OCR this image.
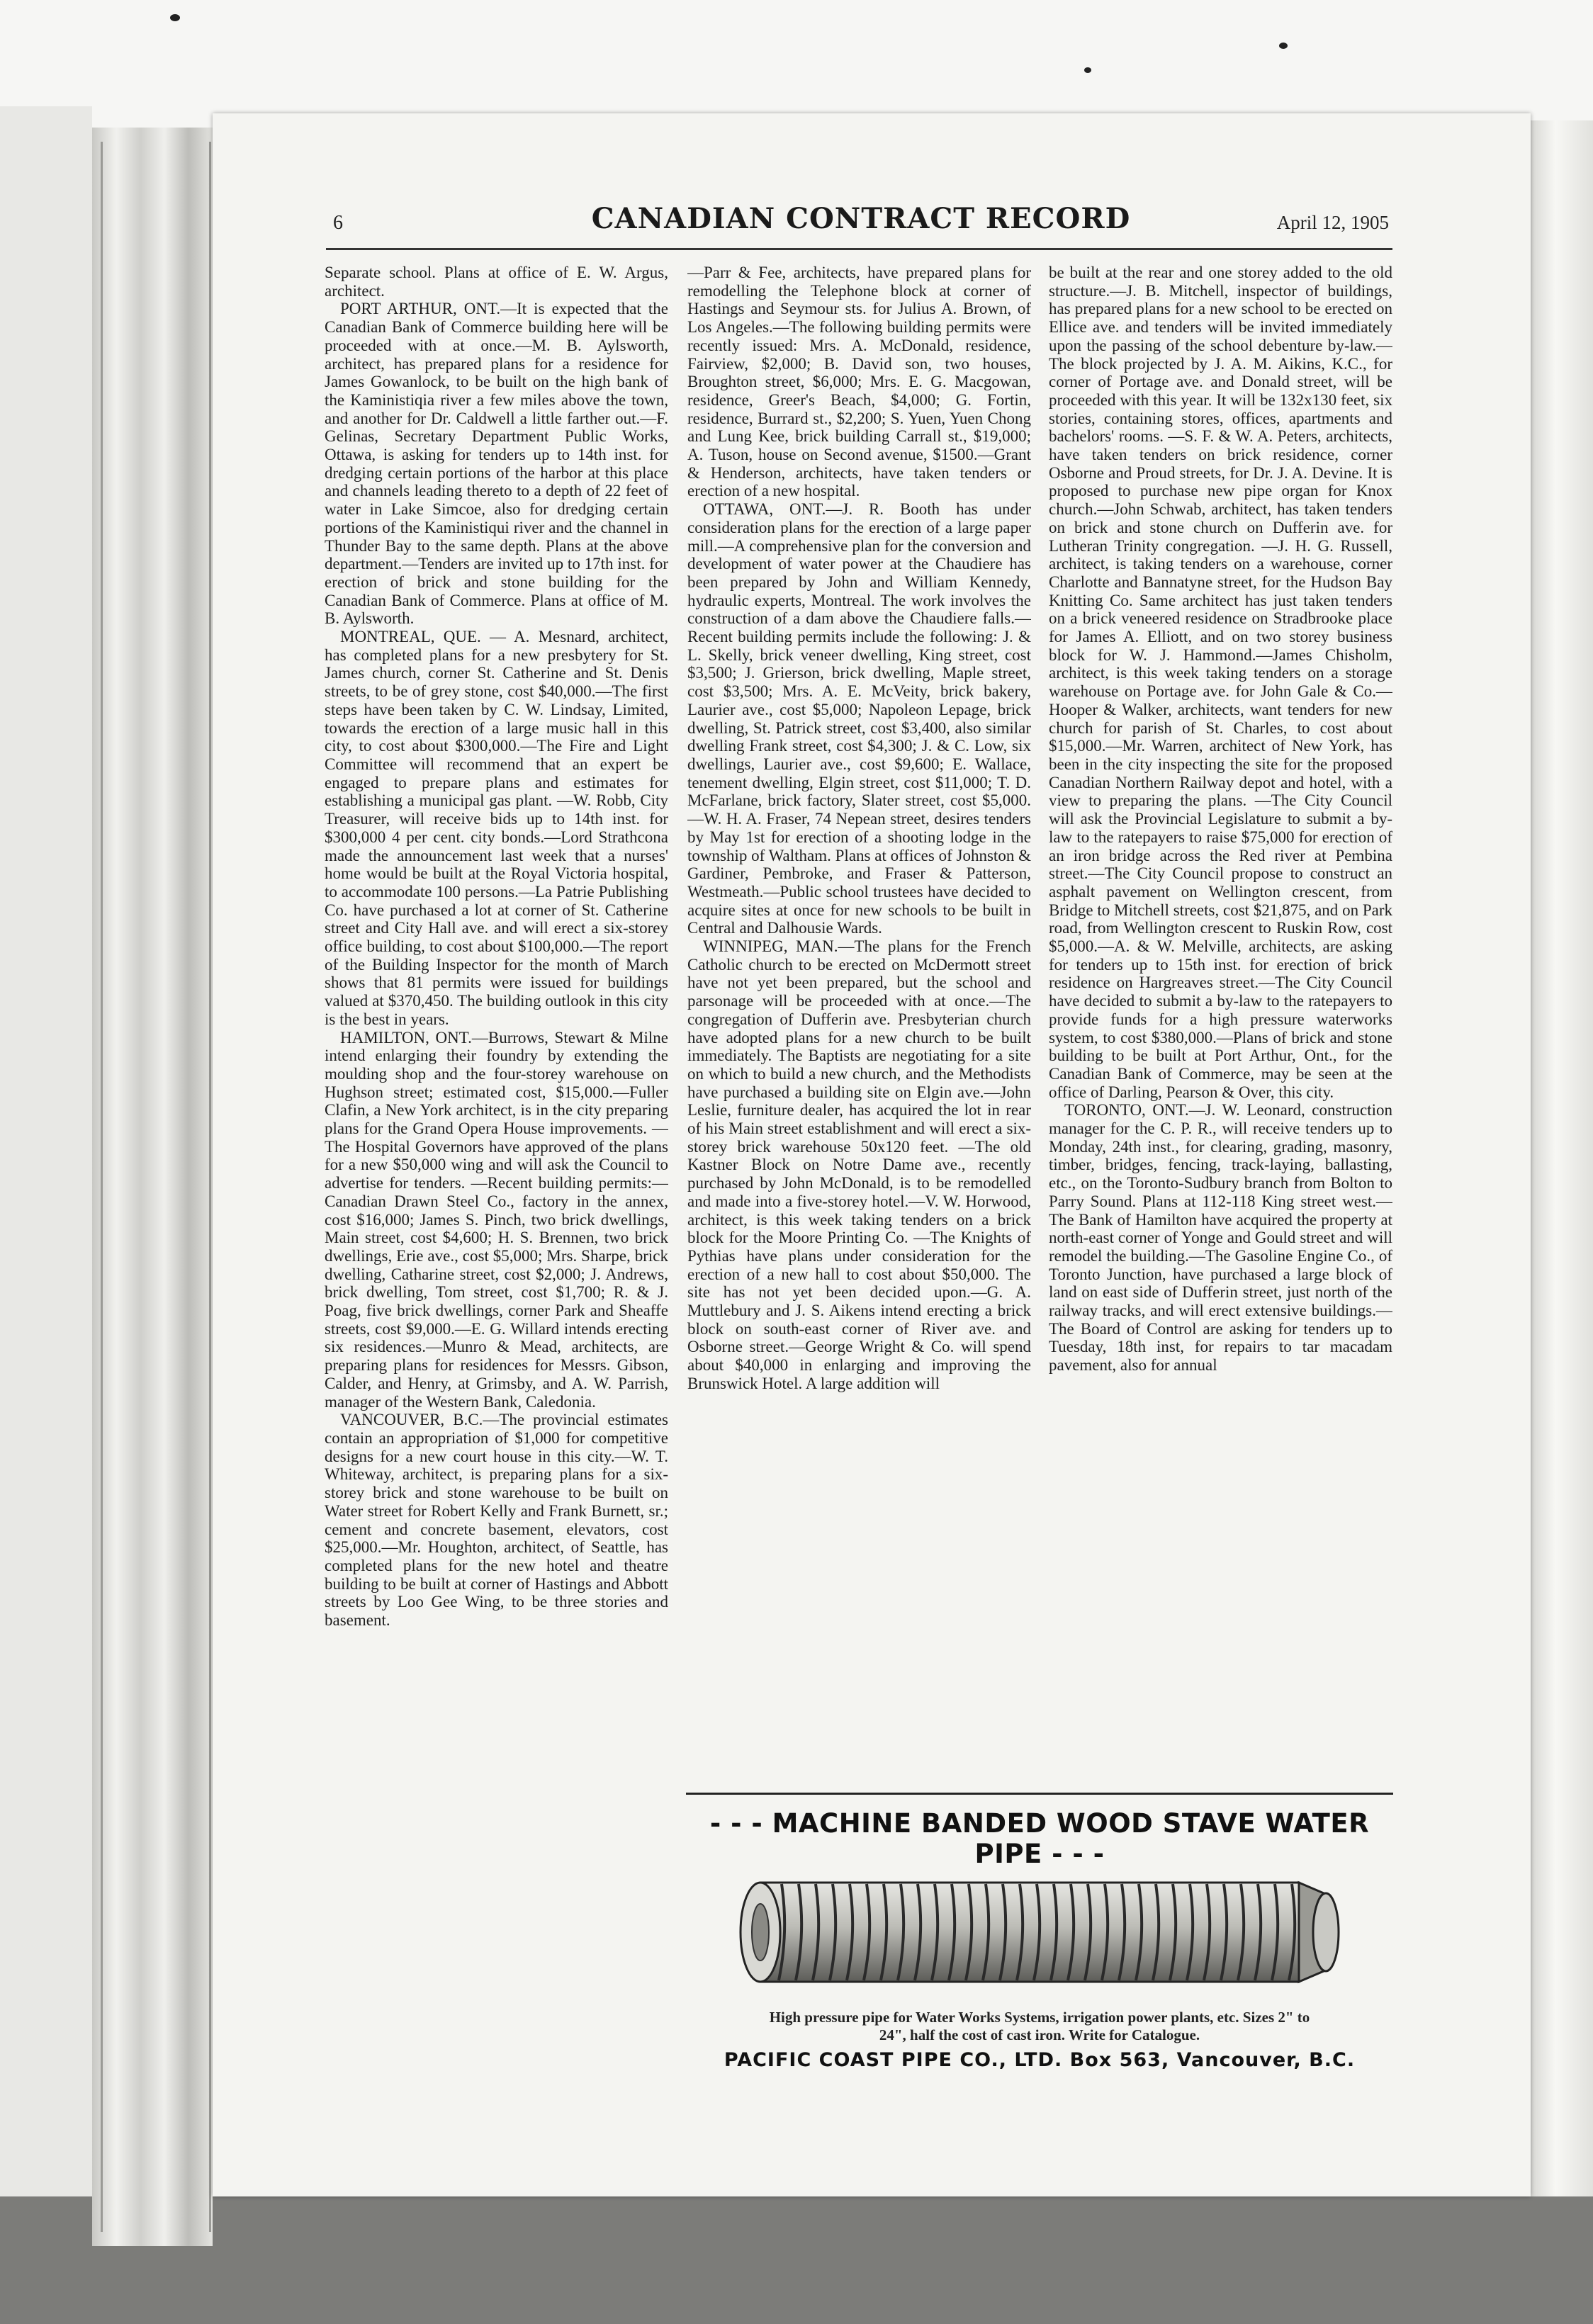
6	CANADIAN CONTRACT RECORD	April 12, 1905

Separate school. Plans at office of E. W. Argus, architect.

PORT ARTHUR, ONT.—It is expected that the Canadian Bank of Commerce building here will be proceeded with at once.—M. B. Aylsworth, architect, has prepared plans for a residence for James Gowanlock, to be built on the high bank of the Kaministiqia river a few miles above the town, and another for Dr. Caldwell a little farther out.—F. Gelinas, Secretary Department Public Works, Ottawa, is asking for tenders up to 14th inst. for dredging certain portions of the harbor at this place and channels leading thereto to a depth of 22 feet of water in Lake Simcoe, also for dredging certain portions of the Kaministiqui river and the channel in Thunder Bay to the same depth. Plans at the above department.—Tenders are invited up to 17th inst. for erection of brick and stone building for the Canadian Bank of Commerce. Plans at office of M. B. Aylsworth.

MONTREAL, QUE. — A. Mesnard, architect, has completed plans for a new presbytery for St. James church, corner St. Catherine and St. Denis streets, to be of grey stone, cost $40,000.—The first steps have been taken by C. W. Lindsay, Limited, towards the erection of a large music hall in this city, to cost about $300,000.—The Fire and Light Committee will recommend that an expert be engaged to prepare plans and estimates for establishing a municipal gas plant. —W. Robb, City Treasurer, will receive bids up to 14th inst. for $300,000 4 per cent. city bonds.—Lord Strathcona made the announcement last week that a nurses' home would be built at the Royal Victoria hospital, to accommodate 100 persons.—La Patrie Publishing Co. have purchased a lot at corner of St. Catherine street and City Hall ave. and will erect a six-storey office building, to cost about $100,000.—The report of the Building Inspector for the month of March shows that 81 permits were issued for buildings valued at $370,450. The building outlook in this city is the best in years.

HAMILTON, ONT.—Burrows, Stewart & Milne intend enlarging their foundry by extending the moulding shop and the four-storey warehouse on Hughson street; estimated cost, $15,000.—Fuller Clafin, a New York architect, is in the city preparing plans for the Grand Opera House improvements. — The Hospital Governors have approved of the plans for a new $50,000 wing and will ask the Council to advertise for tenders. —Recent building permits:—Canadian Drawn Steel Co., factory in the annex, cost $16,000; James S. Pinch, two brick dwellings, Main street, cost $4,600; H. S. Brennen, two brick dwellings, Erie ave., cost $5,000; Mrs. Sharpe, brick dwelling, Catharine street, cost $2,000; J. Andrews, brick dwelling, Tom street, cost $1,700; R. & J. Poag, five brick dwellings, corner Park and Sheaffe streets, cost $9,000.—E. G. Willard intends erecting six residences.—Munro & Mead, architects, are preparing plans for residences for Messrs. Gibson, Calder, and Henry, at Grimsby, and A. W. Parrish, manager of the Western Bank, Caledonia.

VANCOUVER, B.C.—The provincial estimates contain an appropriation of $1,000 for competitive designs for a new court house in this city.—W. T. Whiteway, architect, is preparing plans for a six-storey brick and stone warehouse to be built on Water street for Robert Kelly and Frank Burnett, sr.; cement and concrete basement, elevators, cost $25,000.—Mr. Houghton, architect, of Seattle, has completed plans for the new hotel and theatre building to be built at corner of Hastings and Abbott streets by Loo Gee Wing, to be three stories and basement.

—Parr & Fee, architects, have prepared plans for remodelling the Telephone block at corner of Hastings and Seymour sts. for Julius A. Brown, of Los Angeles.—The following building permits were recently issued: Mrs. A. McDonald, residence, Fairview, $2,000; B. David son, two houses, Broughton street, $6,000; Mrs. E. G. Macgowan, residence, Greer's Beach, $4,000; G. Fortin, residence, Burrard st., $2,200; S. Yuen, Yuen Chong and Lung Kee, brick building Carrall st., $19,000; A. Tuson, house on Second avenue, $1500.—Grant & Henderson, architects, have taken tenders or erection of a new hospital.

OTTAWA, ONT.—J. R. Booth has under consideration plans for the erection of a large paper mill.—A comprehensive plan for the conversion and development of water power at the Chaudiere has been prepared by John and William Kennedy, hydraulic experts, Montreal. The work involves the construction of a dam above the Chaudiere falls.—Recent building permits include the following: J. & L. Skelly, brick veneer dwelling, King street, cost $3,500; J. Grierson, brick dwelling, Maple street, cost $3,500; Mrs. A. E. McVeity, brick bakery, Laurier ave., cost $5,000; Napoleon Lepage, brick dwelling, St. Patrick street, cost $3,400, also similar dwelling Frank street, cost $4,300; J. & C. Low, six dwellings, Laurier ave., cost $9,600; E. Wallace, tenement dwelling, Elgin street, cost $11,000; T. D. McFarlane, brick factory, Slater street, cost $5,000.—W. H. A. Fraser, 74 Nepean street, desires tenders by May 1st for erection of a shooting lodge in the township of Waltham. Plans at offices of Johnston & Gardiner, Pembroke, and Fraser & Patterson, Westmeath.—Public school trustees have decided to acquire sites at once for new schools to be built in Central and Dalhousie Wards.

WINNIPEG, MAN.—The plans for the French Catholic church to be erected on McDermott street have not yet been prepared, but the school and parsonage will be proceeded with at once.—The congregation of Dufferin ave. Presbyterian church have adopted plans for a new church to be built immediately. The Baptists are negotiating for a site on which to build a new church, and the Methodists have purchased a building site on Elgin ave.—John Leslie, furniture dealer, has acquired the lot in rear of his Main street establishment and will erect a six-storey brick warehouse 50x120 feet. —The old Kastner Block on Notre Dame ave., recently purchased by John McDonald, is to be remodelled and made into a five-storey hotel.—V. W. Horwood, architect, is this week taking tenders on a brick block for the Moore Printing Co. —The Knights of Pythias have plans under consideration for the erection of a new hall to cost about $50,000. The site has not yet been decided upon.—G. A. Muttlebury and J. S. Aikens intend erecting a brick block on south-east corner of River ave. and Osborne street.—George Wright & Co. will spend about $40,000 in enlarging and improving the Brunswick Hotel. A large addition will

be built at the rear and one storey added to the old structure.—J. B. Mitchell, inspector of buildings, has prepared plans for a new school to be erected on Ellice ave. and tenders will be invited immediately upon the passing of the school debenture by-law.—The block projected by J. A. M. Aikins, K.C., for corner of Portage ave. and Donald street, will be proceeded with this year. It will be 132x130 feet, six stories, containing stores, offices, apartments and bachelors' rooms. —S. F. & W. A. Peters, architects, have taken tenders on brick residence, corner Osborne and Proud streets, for Dr. J. A. Devine. It is proposed to purchase new pipe organ for Knox church.—John Schwab, architect, has taken tenders on brick and stone church on Dufferin ave. for Lutheran Trinity congregation. —J. H. G. Russell, architect, is taking tenders on a warehouse, corner Charlotte and Bannatyne street, for the Hudson Bay Knitting Co. Same architect has just taken tenders on a brick veneered residence on Stradbrooke place for James A. Elliott, and on two storey business block for W. J. Hammond.—James Chisholm, architect, is this week taking tenders on a storage warehouse on Portage ave. for John Gale & Co.—Hooper & Walker, architects, want tenders for new church for parish of St. Charles, to cost about $15,000.—Mr. Warren, architect of New York, has been in the city inspecting the site for the proposed Canadian Northern Railway depot and hotel, with a view to preparing the plans. —The City Council will ask the Provincial Legislature to submit a by-law to the ratepayers to raise $75,000 for erection of an iron bridge across the Red river at Pembina street.—The City Council propose to construct an asphalt pavement on Wellington crescent, from Bridge to Mitchell streets, cost $21,875, and on Park road, from Wellington crescent to Ruskin Row, cost $5,000.—A. & W. Melville, architects, are asking for tenders up to 15th inst. for erection of brick residence on Hargreaves street.—The City Council have decided to submit a by-law to the ratepayers to provide funds for a high pressure waterworks system, to cost $380,000.—Plans of brick and stone building to be built at Port Arthur, Ont., for the Canadian Bank of Commerce, may be seen at the office of Darling, Pearson & Over, this city.

TORONTO, ONT.—J. W. Leonard, construction manager for the C. P. R., will receive tenders up to Monday, 24th inst., for clearing, grading, masonry, timber, bridges, fencing, track-laying, ballasting, etc., on the Toronto-Sudbury branch from Bolton to Parry Sound. Plans at 112-118 King street west.—The Bank of Hamilton have acquired the property at north-east corner of Yonge and Gould street and will remodel the building.—The Gasoline Engine Co., of Toronto Junction, have purchased a large block of land on east side of Dufferin street, just north of the railway tracks, and will erect extensive buildings.—The Board of Control are asking for tenders up to Tuesday, 18th inst, for repairs to tar macadam pavement, also for annual

- - - MACHINE BANDED WOOD STAVE WATER PIPE - - -
High pressure pipe for Water Works Systems, irrigation power plants, etc. Sizes 2" to
24", half the cost of cast iron. Write for Catalogue.
PACIFIC COAST PIPE CO., LTD. Box 563, Vancouver, B.C.
